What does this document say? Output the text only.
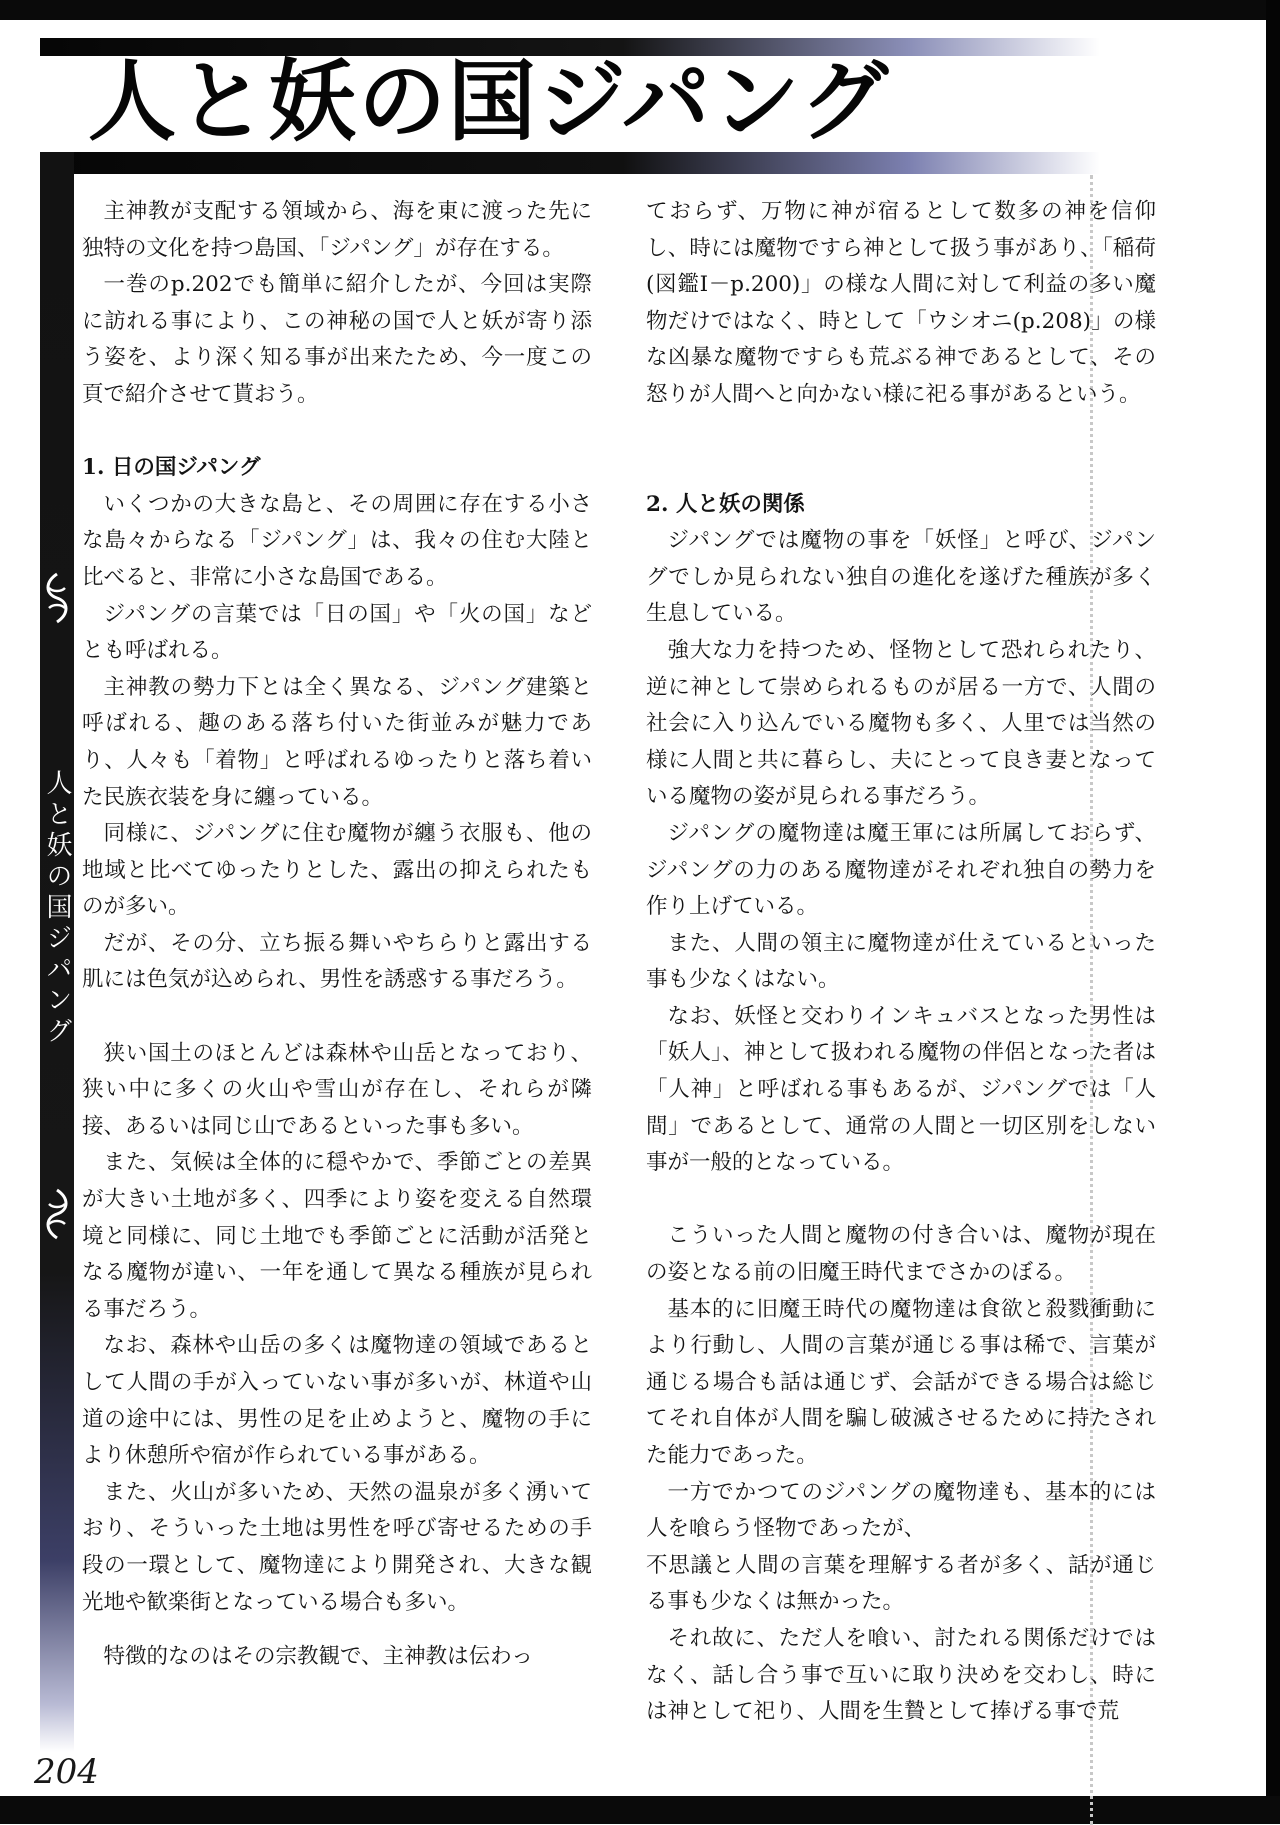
人と妖の国ジパング
人と妖の国ジパング

主神教が支配する領域から、海を東に渡った先に独特の文化を持つ島国、「ジパング」が存在する。

一巻のp.202でも簡単に紹介したが、今回は実際に訪れる事により、この神秘の国で人と妖が寄り添う姿を、より深く知る事が出来たため、今一度この頁で紹介させて貰おう。

1. 日の国ジパング

いくつかの大きな島と、その周囲に存在する小さな島々からなる「ジパング」は、我々の住む大陸と比べると、非常に小さな島国である。

ジパングの言葉では「日の国」や「火の国」などとも呼ばれる。

主神教の勢力下とは全く異なる、ジパング建築と呼ばれる、趣のある落ち付いた街並みが魅力であり、人々も「着物」と呼ばれるゆったりと落ち着いた民族衣装を身に纏っている。

同様に、ジパングに住む魔物が纏う衣服も、他の地域と比べてゆったりとした、露出の抑えられたものが多い。

だが、その分、立ち振る舞いやちらりと露出する肌には色気が込められ、男性を誘惑する事だろう。

狭い国土のほとんどは森林や山岳となっており、狭い中に多くの火山や雪山が存在し、それらが隣接、あるいは同じ山であるといった事も多い。

また、気候は全体的に穏やかで、季節ごとの差異が大きい土地が多く、四季により姿を変える自然環境と同様に、同じ土地でも季節ごとに活動が活発となる魔物が違い、一年を通して異なる種族が見られる事だろう。

なお、森林や山岳の多くは魔物達の領域であるとして人間の手が入っていない事が多いが、林道や山道の途中には、男性の足を止めようと、魔物の手により休憩所や宿が作られている事がある。

また、火山が多いため、天然の温泉が多く湧いており、そういった土地は男性を呼び寄せるための手段の一環として、魔物達により開発され、大きな観光地や歓楽街となっている場合も多い。

特徴的なのはその宗教観で、主神教は伝わっ

ておらず、万物に神が宿るとして数多の神を信仰し、時には魔物ですら神として扱う事があり、「稲荷(図鑑Ⅰ－p.200)」の様な人間に対して利益の多い魔物だけではなく、時として「ウシオニ(p.208)」の様な凶暴な魔物ですらも荒ぶる神であるとして、その怒りが人間へと向かない様に祀る事があるという。

2. 人と妖の関係

ジパングでは魔物の事を「妖怪」と呼び、ジパングでしか見られない独自の進化を遂げた種族が多く生息している。

強大な力を持つため、怪物として恐れられたり、逆に神として崇められるものが居る一方で、人間の社会に入り込んでいる魔物も多く、人里では当然の様に人間と共に暮らし、夫にとって良き妻となっている魔物の姿が見られる事だろう。

ジパングの魔物達は魔王軍には所属しておらず、ジパングの力のある魔物達がそれぞれ独自の勢力を作り上げている。

また、人間の領主に魔物達が仕えているといった事も少なくはない。

なお、妖怪と交わりインキュバスとなった男性は「妖人」、神として扱われる魔物の伴侶となった者は「人神」と呼ばれる事もあるが、ジパングでは「人間」であるとして、通常の人間と一切区別をしない事が一般的となっている。

こういった人間と魔物の付き合いは、魔物が現在の姿となる前の旧魔王時代までさかのぼる。

基本的に旧魔王時代の魔物達は食欲と殺戮衝動により行動し、人間の言葉が通じる事は稀で、言葉が通じる場合も話は通じず、会話ができる場合は総じてそれ自体が人間を騙し破滅させるために持たされた能力であった。

一方でかつてのジパングの魔物達も、基本的には人を喰らう怪物であったが、

不思議と人間の言葉を理解する者が多く、話が通じる事も少なくは無かった。

それ故に、ただ人を喰い、討たれる関係だけではなく、話し合う事で互いに取り決めを交わし、時には神として祀り、人間を生贄として捧げる事で荒

204
